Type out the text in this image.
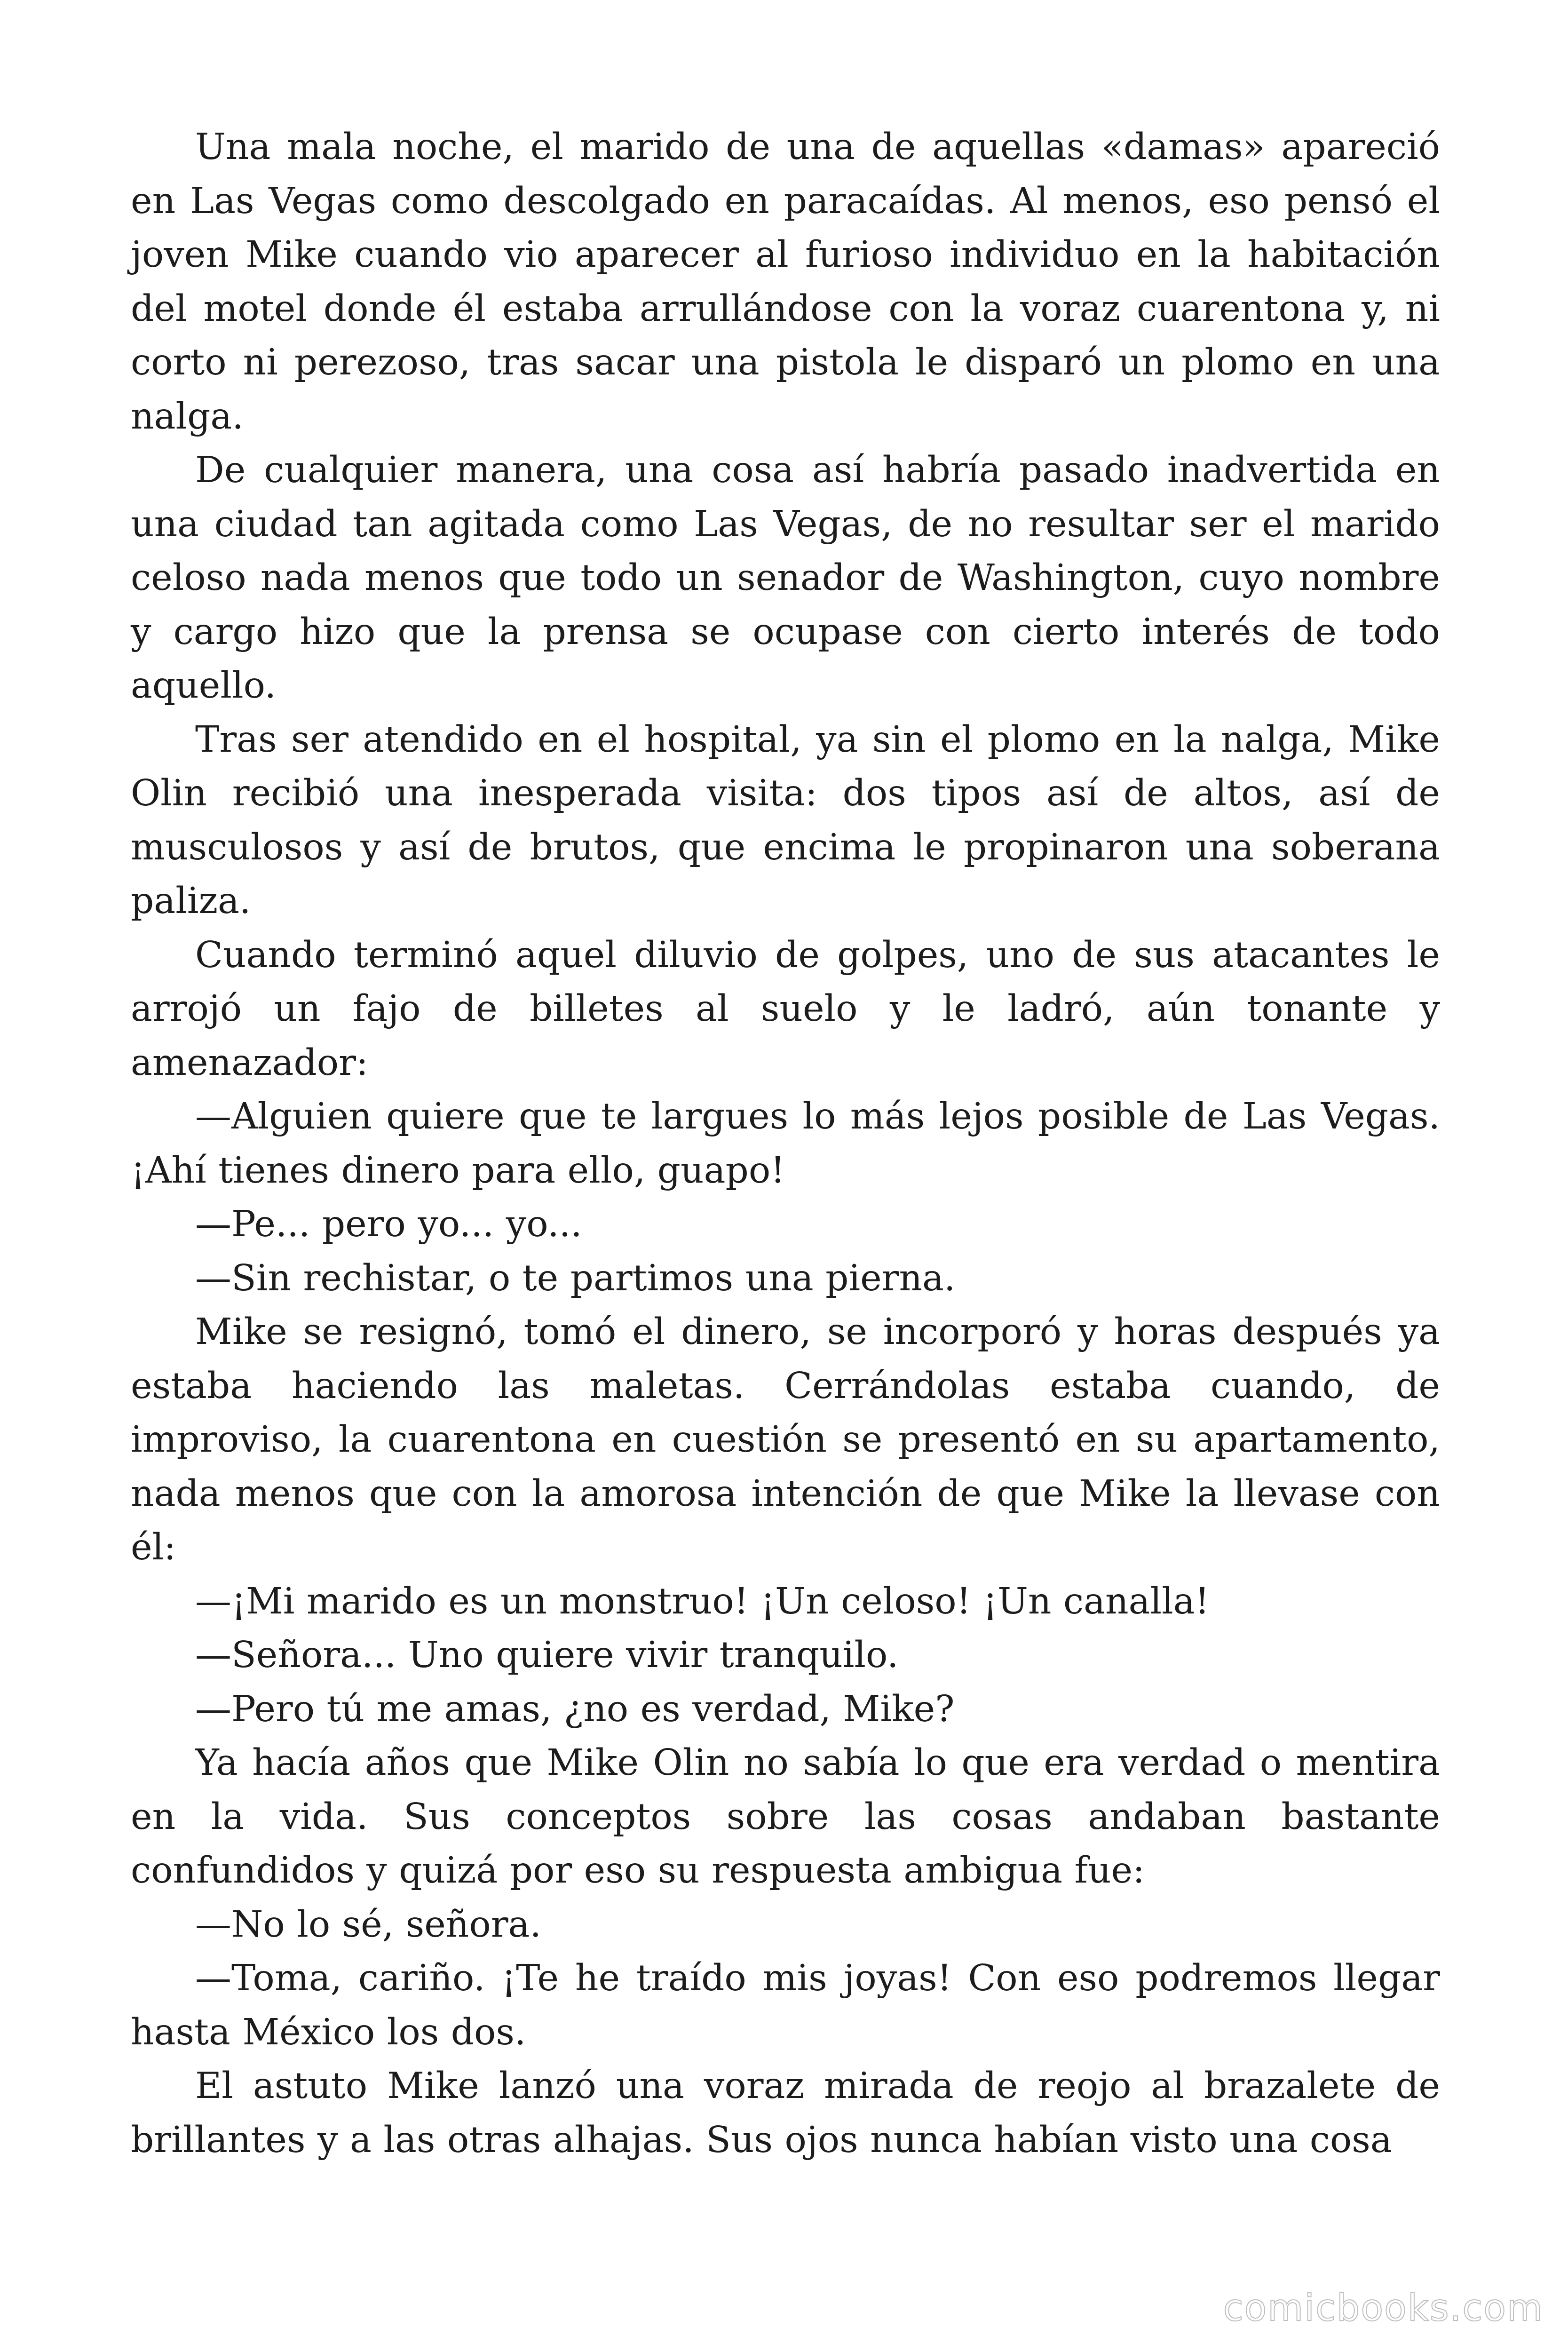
Una mala noche, el marido de una de aquellas «damas» apareció en Las Vegas como descolgado en paracaídas. Al menos, eso pensó el joven Mike cuando vio aparecer al furioso individuo en la habitación del motel donde él estaba arrullándose con la voraz cuarentona y, ni corto ni perezoso, tras sacar una pistola le disparó un plomo en una nalga.

De cualquier manera, una cosa así habría pasado inadvertida en una ciudad tan agitada como Las Vegas, de no resultar ser el marido celoso nada menos que todo un senador de Washington, cuyo nombre y cargo hizo que la prensa se ocupase con cierto interés de todo aquello.

Tras ser atendido en el hospital, ya sin el plomo en la nalga, Mike Olin recibió una inesperada visita: dos tipos así de altos, así de musculosos y así de brutos, que encima le propinaron una soberana paliza.

Cuando terminó aquel diluvio de golpes, uno de sus atacantes le arrojó un fajo de billetes al suelo y le ladró, aún tonante y amenazador:

—Alguien quiere que te largues lo más lejos posible de Las Vegas. ¡Ahí tienes dinero para ello, guapo!

—Pe... pero yo... yo...

—Sin rechistar, o te partimos una pierna.

Mike se resignó, tomó el dinero, se incorporó y horas después ya estaba haciendo las maletas. Cerrándolas estaba cuando, de improviso, la cuarentona en cuestión se presentó en su apartamento, nada menos que con la amorosa intención de que Mike la llevase con él:

—¡Mi marido es un monstruo! ¡Un celoso! ¡Un canalla!

—Señora... Uno quiere vivir tranquilo.

—Pero tú me amas, ¿no es verdad, Mike?

Ya hacía años que Mike Olin no sabía lo que era verdad o mentira en la vida. Sus conceptos sobre las cosas andaban bastante confundidos y quizá por eso su respuesta ambigua fue:

—No lo sé, señora.

—Toma, cariño. ¡Te he traído mis joyas! Con eso podremos llegar hasta México los dos.

El astuto Mike lanzó una voraz mirada de reojo al brazalete de brillantes y a las otras alhajas. Sus ojos nunca habían visto una cosa

comicbooks.com
